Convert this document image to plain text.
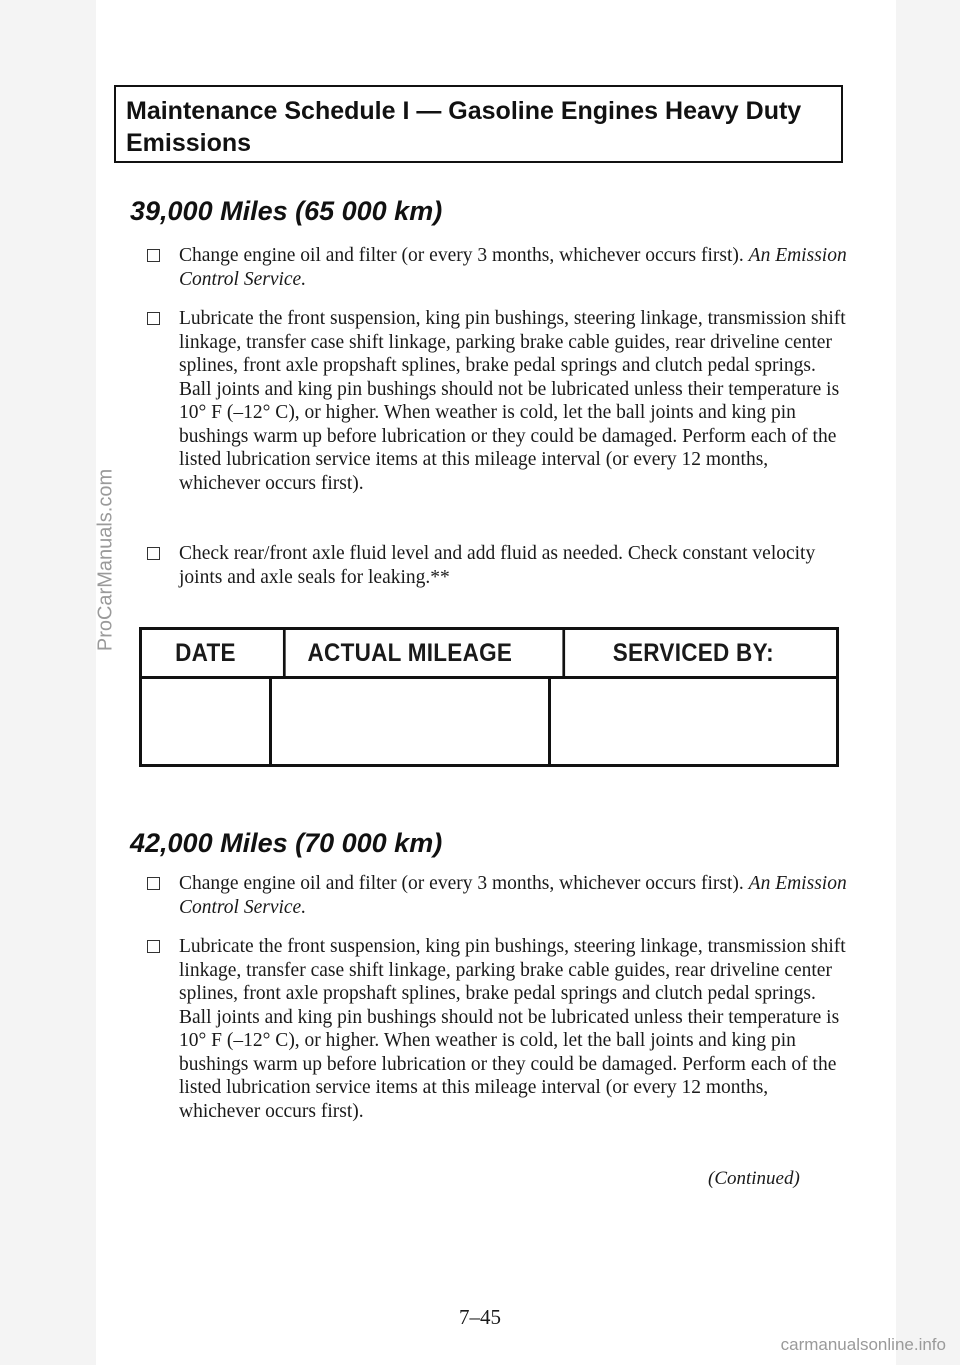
ProCarManuals.com
Maintenance Schedule I — Gasoline Engines Heavy Duty Emissions
39,000 Miles (65 000 km)
Change engine oil and filter (or every 3 months, whichever occurs first). An Emission Control Service.
Lubricate the front suspension, king pin bushings, steering linkage, transmission shift linkage, transfer case shift linkage, parking brake cable guides, rear driveline center splines, front axle propshaft splines, brake pedal springs and clutch pedal springs. Ball joints and king pin bushings should not be lubricated unless their temperature is 10° F (–12° C), or higher. When weather is cold, let the ball joints and king pin bushings warm up before lubrication or they could be damaged. Perform each of the listed lubrication service items at this mileage interval (or every 12 months, whichever occurs first).
Check rear/front axle fluid level and add fluid as needed. Check constant velocity joints and axle seals for leaking.**
DATE	ACTUAL MILEAGE	SERVICED BY:
42,000 Miles (70 000 km)
Change engine oil and filter (or every 3 months, whichever occurs first). An Emission Control Service.
Lubricate the front suspension, king pin bushings, steering linkage, transmission shift linkage, transfer case shift linkage, parking brake cable guides, rear driveline center splines, front axle propshaft splines, brake pedal springs and clutch pedal springs. Ball joints and king pin bushings should not be lubricated unless their temperature is 10° F (–12° C), or higher. When weather is cold, let the ball joints and king pin bushings warm up before lubrication or they could be damaged. Perform each of the listed lubrication service items at this mileage interval (or every 12 months, whichever occurs first).
(Continued)
7–45
carmanualsonline.info
